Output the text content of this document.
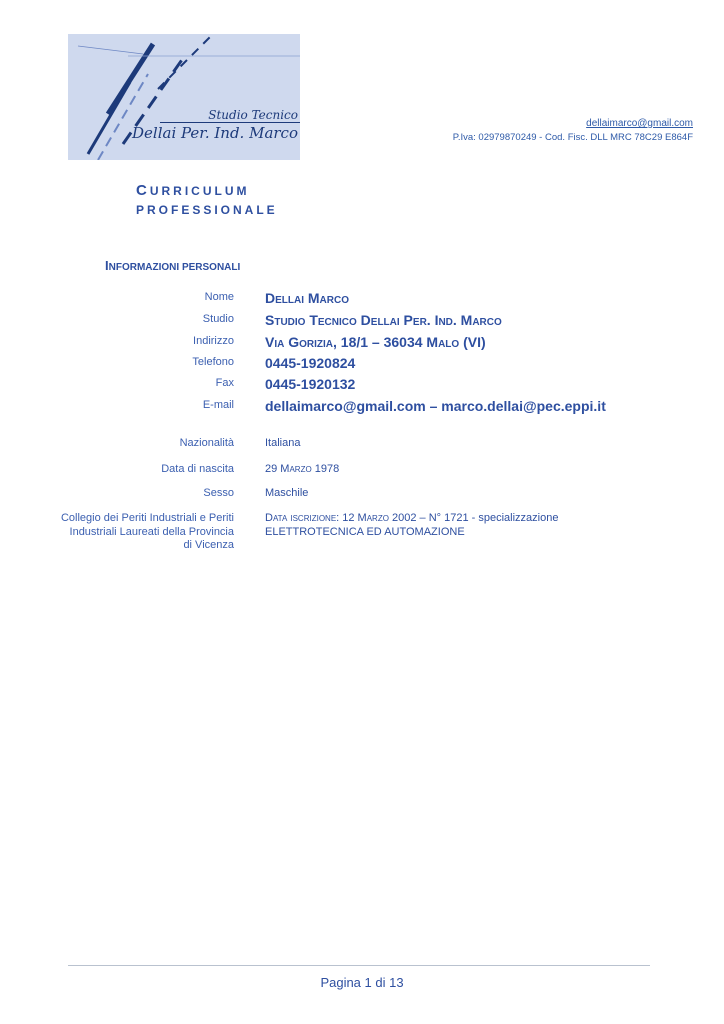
Studio Tecnico
Dellai Per. Ind. Marco
dellaimarco@gmail.com
P.Iva: 02979870249 - Cod. Fisc. DLL MRC 78C29 E864F
CURRICULUM
PROFESSIONALE
INFORMAZIONI PERSONALI
Nome Dellai Marco
Studio Studio Tecnico Dellai Per. Ind. Marco
Indirizzo Via Gorizia, 18/1 – 36034 Malo (VI)
Telefono 0445-1920824
Fax 0445-1920132
E-mail dellaimarco@gmail.com – marco.dellai@pec.eppi.it
Nazionalità	Italiana
Data di nascita	29 Marzo 1978
Sesso	Maschile
Collegio dei Periti Industriali e Periti Industriali Laureati della Provincia di Vicenza
Data iscrizione: 12 Marzo 2002 – N° 1721 - specializzazione ELETTROTECNICA ED AUTOMAZIONE
Pagina 1 di 13
